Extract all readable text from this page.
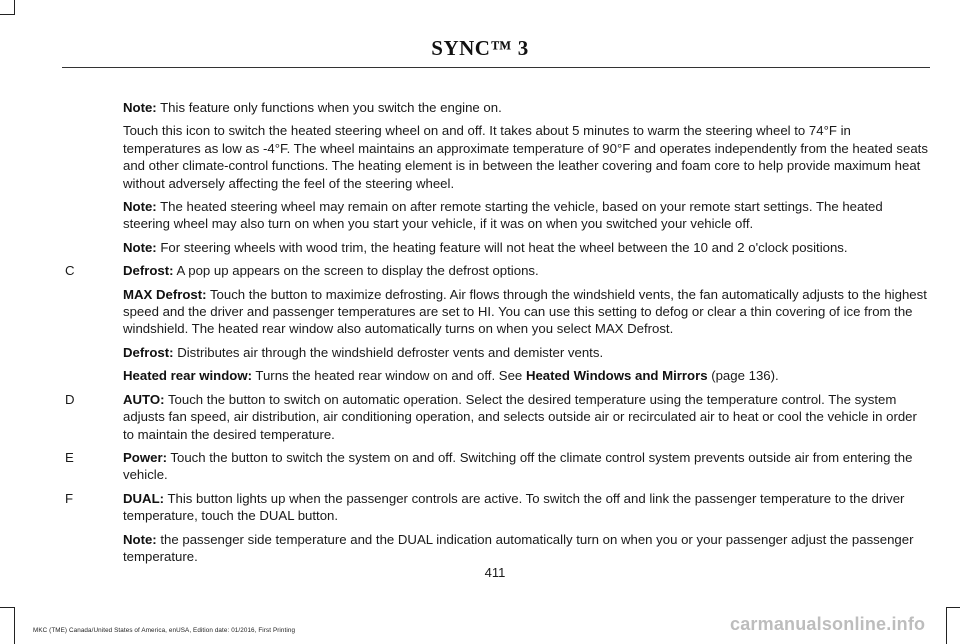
SYNC™ 3

Note: This feature only functions when you switch the engine on.

Touch this icon to switch the heated steering wheel on and off. It takes about 5 minutes to warm the steering wheel to 74°F in temperatures as low as -4°F. The wheel maintains an approximate temperature of 90°F and operates independently from the heated seats and other climate-control functions. The heating element is in between the leather covering and foam core to help provide maximum heat without adversely affecting the feel of the steering wheel.

Note: The heated steering wheel may remain on after remote starting the vehicle, based on your remote start settings. The heated steering wheel may also turn on when you start your vehicle, if it was on when you switched your vehicle off.

Note: For steering wheels with wood trim, the heating feature will not heat the wheel between the 10 and 2 o'clock positions.

C	Defrost: A pop up appears on the screen to display the defrost options.

MAX Defrost: Touch the button to maximize defrosting. Air flows through the windshield vents, the fan automatically adjusts to the highest speed and the driver and passenger temperatures are set to HI. You can use this setting to defog or clear a thin covering of ice from the windshield. The heated rear window also automatically turns on when you select MAX Defrost.

Defrost: Distributes air through the windshield defroster vents and demister vents.

Heated rear window: Turns the heated rear window on and off. See Heated Windows and Mirrors (page 136).

D	AUTO: Touch the button to switch on automatic operation. Select the desired temperature using the temperature control. The system adjusts fan speed, air distribution, air conditioning operation, and selects outside air or recirculated air to heat or cool the vehicle in order to maintain the desired temperature.

E	Power: Touch the button to switch the system on and off. Switching off the climate control system prevents outside air from entering the vehicle.

F	DUAL: This button lights up when the passenger controls are active. To switch the off and link the passenger temperature to the driver temperature, touch the DUAL button.

Note: the passenger side temperature and the DUAL indication automatically turn on when you or your passenger adjust the passenger temperature.

411
MKC (TME) Canada/United States of America, enUSA, Edition date: 01/2016, First Printing	carmanualsonline.info
